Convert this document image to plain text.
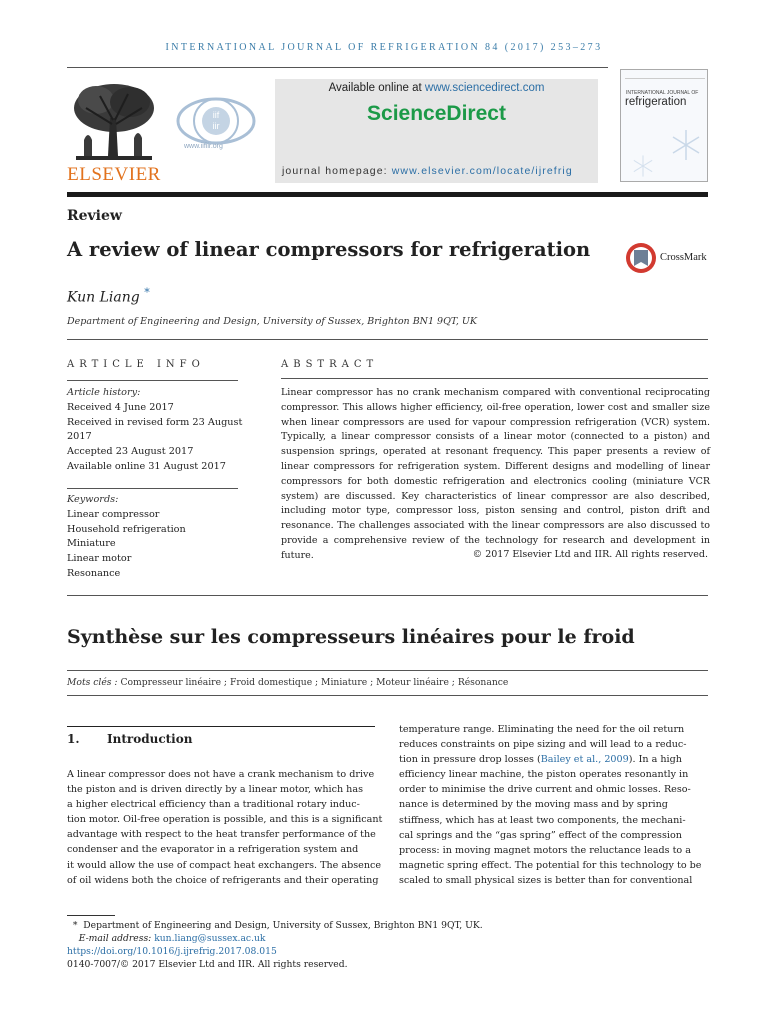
INTERNATIONAL JOURNAL OF REFRIGERATION 84 (2017) 253–273
ELSEVIER
iif
iir
www.iifiir.org
Available online at www.sciencedirect.com
ScienceDirect
journal homepage: www.elsevier.com/locate/ijrefrig
INTERNATIONAL JOURNAL OF
refrigeration
Review
A review of linear compressors for refrigeration	CrossMark
Kun Liang *
Department of Engineering and Design, University of Sussex, Brighton BN1 9QT, UK
ARTICLE INFO
Article history:
Received 4 June 2017
Received in revised form 23 August
2017
Accepted 23 August 2017
Available online 31 August 2017
Keywords:
Linear compressor
Household refrigeration
Miniature
Linear motor
Resonance
ABSTRACT
Linear compressor has no crank mechanism compared with conventional reciprocating compressor. This allows higher efficiency, oil-free operation, lower cost and smaller size when linear compressors are used for vapour compression refrigeration (VCR) system. Typically, a linear compressor consists of a linear motor (connected to a piston) and suspension springs, operated at resonant frequency. This paper presents a review of linear compressors for refrigeration system. Different designs and modelling of linear compressors for both domestic refrigeration and electronics cooling (miniature VCR system) are discussed. Key characteristics of linear compressor are also described, including motor type, compressor loss, piston sensing and control, piston drift and resonance. The challenges associated with the linear compressors are also discussed to provide a comprehensive review of the technology for research and development in future.	© 2017 Elsevier Ltd and IIR. All rights reserved.
Synthèse sur les compresseurs linéaires pour le froid
Mots clés : Compresseur linéaire ; Froid domestique ; Miniature ; Moteur linéaire ; Résonance
1. Introduction
A linear compressor does not have a crank mechanism to drive
the piston and is driven directly by a linear motor, which has
a higher electrical efficiency than a traditional rotary induc-
tion motor. Oil-free operation is possible, and this is a significant
advantage with respect to the heat transfer performance of the
condenser and the evaporator in a refrigeration system and
it would allow the use of compact heat exchangers. The absence
of oil widens both the choice of refrigerants and their operating
temperature range. Eliminating the need for the oil return
reduces constraints on pipe sizing and will lead to a reduc-
tion in pressure drop losses (Bailey et al., 2009). In a high
efficiency linear machine, the piston operates resonantly in
order to minimise the drive current and ohmic losses. Reso-
nance is determined by the moving mass and by spring
stiffness, which has at least two components, the mechani-
cal springs and the “gas spring” effect of the compression
process: in moving magnet motors the reluctance leads to a
magnetic spring effect. The potential for this technology to be
scaled to small physical sizes is better than for conventional
* Department of Engineering and Design, University of Sussex, Brighton BN1 9QT, UK.
E-mail address: kun.liang@sussex.ac.uk
https://doi.org/10.1016/j.ijrefrig.2017.08.015
0140-7007/© 2017 Elsevier Ltd and IIR. All rights reserved.
